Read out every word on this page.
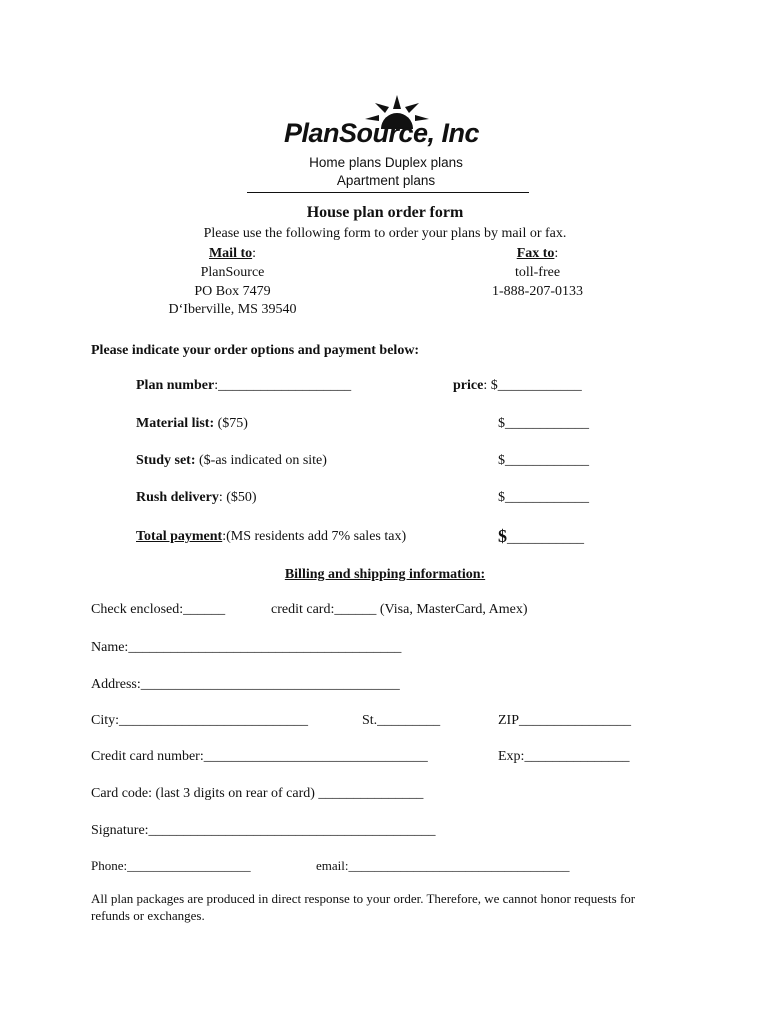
PlanSource, Inc
Home plans Duplex plans
Apartment plans
House plan order form
Please use the following form to order your plans by mail or fax.
Mail to:
PlanSource
PO Box 7479
D‘Iberville, MS 39540
Fax to:
toll-free
1-888-207-0133
Please indicate your order options and payment below:
Plan number:___________________	price: $____________
Material list: ($75)	$____________
Study set: ($-as indicated on site)	$____________
Rush delivery: ($50)	$____________
Total payment:(MS residents add 7% sales tax)	$___________
Billing and shipping information:
Check enclosed:______	credit card:______ (Visa, MasterCard, Amex)
Name:_______________________________________
Address:_____________________________________
City:___________________________	St._________	ZIP________________
Credit card number:________________________________	Exp:_______________
Card code: (last 3 digits on rear of card) _______________
Signature:_________________________________________
Phone:___________________	email:__________________________________
All plan packages are produced in direct response to your order. Therefore, we cannot honor requests for
refunds or exchanges.
